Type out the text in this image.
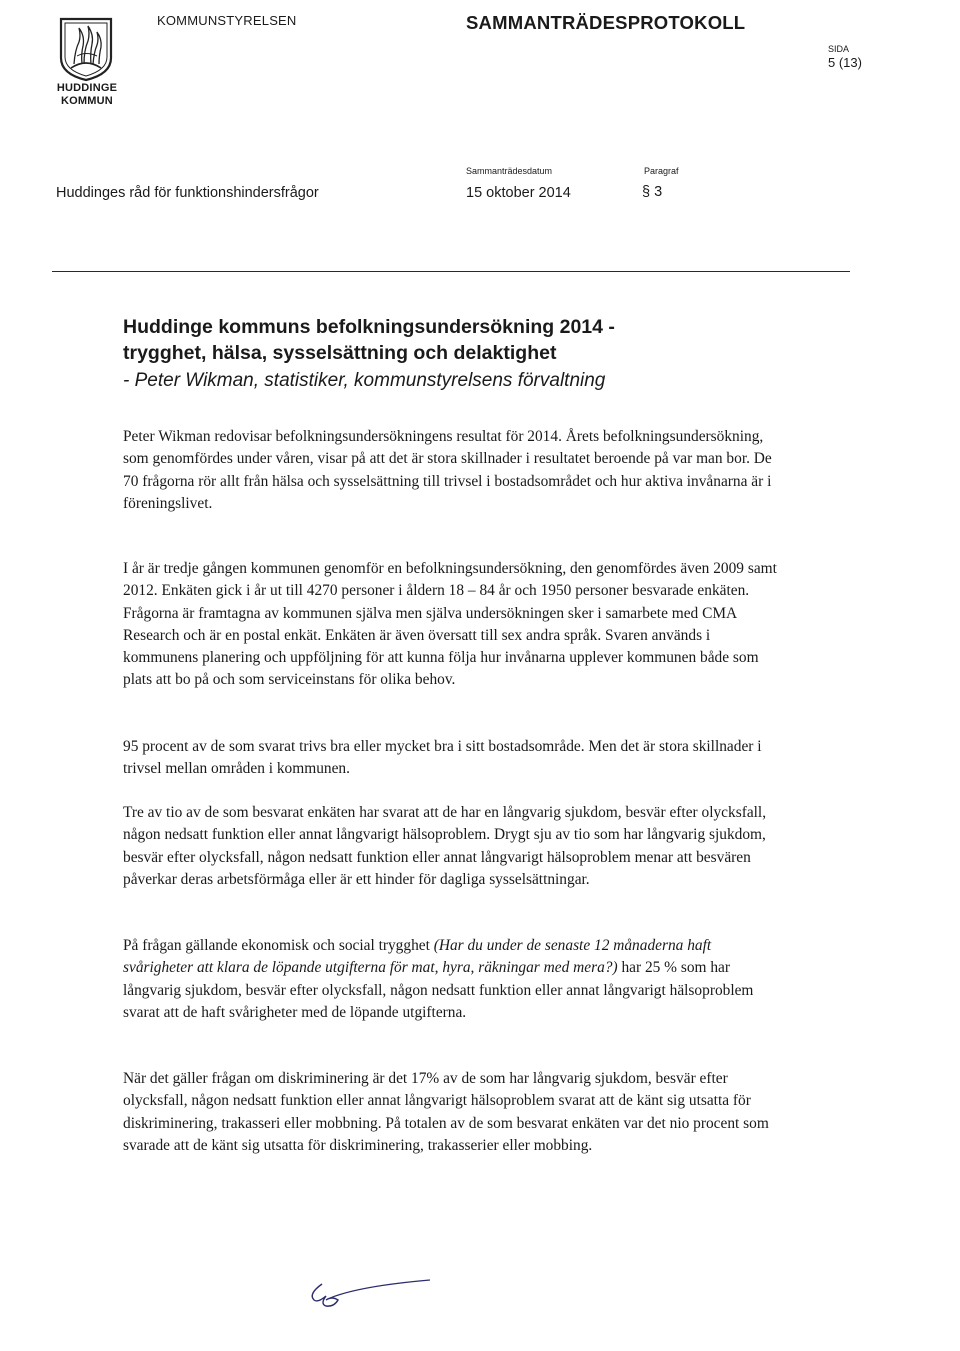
HUDDINGE
KOMMUN
KOMMUNSTYRELSEN	SAMMANTRÄDESPROTOKOLL
SIDA
5 (13)
Huddinges råd för funktionshindersfrågor
Sammanträdesdatum
15 oktober 2014
Paragraf
§ 3
Huddinge kommuns befolkningsundersökning 2014 -
trygghet, hälsa, sysselsättning och delaktighet
- Peter Wikman, statistiker, kommunstyrelsens förvaltning

Peter Wikman redovisar befolkningsundersökningens resultat för 2014. Årets befolkningsundersökning, som genomfördes under våren, visar på att det är stora skillnader i resultatet beroende på var man bor. De 70 frågorna rör allt från hälsa och sysselsättning till trivsel i bostadsområdet och hur aktiva invånarna är i föreningslivet.

I år är tredje gången kommunen genomför en befolkningsundersökning, den genomfördes även 2009 samt 2012. Enkäten gick i år ut till 4270 personer i åldern 18 – 84 år och 1950 personer besvarade enkäten. Frågorna är framtagna av kommunen själva men själva undersökningen sker i samarbete med CMA Research och är en postal enkät. Enkäten är även översatt till sex andra språk. Svaren används i kommunens planering och uppföljning för att kunna följa hur invånarna upplever kommunen både som plats att bo på och som serviceinstans för olika behov.

95 procent av de som svarat trivs bra eller mycket bra i sitt bostadsområde. Men det är stora skillnader i trivsel mellan områden i kommunen.

Tre av tio av de som besvarat enkäten har svarat att de har en långvarig sjukdom, besvär efter olycksfall, någon nedsatt funktion eller annat långvarigt hälsoproblem. Drygt sju av tio som har långvarig sjukdom, besvär efter olycksfall, någon nedsatt funktion eller annat långvarigt hälsoproblem menar att besvären påverkar deras arbetsförmåga eller är ett hinder för dagliga sysselsättningar.

På frågan gällande ekonomisk och social trygghet (Har du under de senaste 12 månaderna haft svårigheter att klara de löpande utgifterna för mat, hyra, räkningar med mera?) har 25 % som har långvarig sjukdom, besvär efter olycksfall, någon nedsatt funktion eller annat långvarigt hälsoproblem svarat att de haft svårigheter med de löpande utgifterna.

När det gäller frågan om diskriminering är det 17% av de som har långvarig sjukdom, besvär efter olycksfall, någon nedsatt funktion eller annat långvarigt hälsoproblem svarat att de känt sig utsatta för diskriminering, trakasseri eller mobbning. På totalen av de som besvarat enkäten var det nio procent som svarade att de känt sig utsatta för diskriminering, trakasserier eller mobbing.
